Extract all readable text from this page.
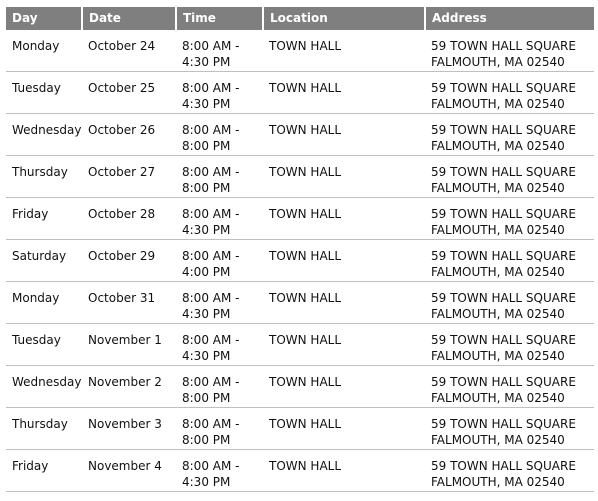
Day	Date	Time	Location	Address
Monday	October 24	8:00 AM -
4:30 PM	TOWN HALL	59 TOWN HALL SQUARE
FALMOUTH, MA 02540

Tuesday	October 25	8:00 AM -
4:30 PM	TOWN HALL	59 TOWN HALL SQUARE
FALMOUTH, MA 02540

Wednesday	October 26	8:00 AM -
8:00 PM	TOWN HALL	59 TOWN HALL SQUARE
FALMOUTH, MA 02540

Thursday	October 27	8:00 AM -
8:00 PM	TOWN HALL	59 TOWN HALL SQUARE
FALMOUTH, MA 02540

Friday	October 28	8:00 AM -
4:30 PM	TOWN HALL	59 TOWN HALL SQUARE
FALMOUTH, MA 02540

Saturday	October 29	8:00 AM -
4:00 PM	TOWN HALL	59 TOWN HALL SQUARE
FALMOUTH, MA 02540

Monday	October 31	8:00 AM -
4:30 PM	TOWN HALL	59 TOWN HALL SQUARE
FALMOUTH, MA 02540

Tuesday	November 1	8:00 AM -
4:30 PM	TOWN HALL	59 TOWN HALL SQUARE
FALMOUTH, MA 02540

Wednesday	November 2	8:00 AM -
8:00 PM	TOWN HALL	59 TOWN HALL SQUARE
FALMOUTH, MA 02540

Thursday	November 3	8:00 AM -
8:00 PM	TOWN HALL	59 TOWN HALL SQUARE
FALMOUTH, MA 02540

Friday	November 4	8:00 AM -
4:30 PM	TOWN HALL	59 TOWN HALL SQUARE
FALMOUTH, MA 02540
